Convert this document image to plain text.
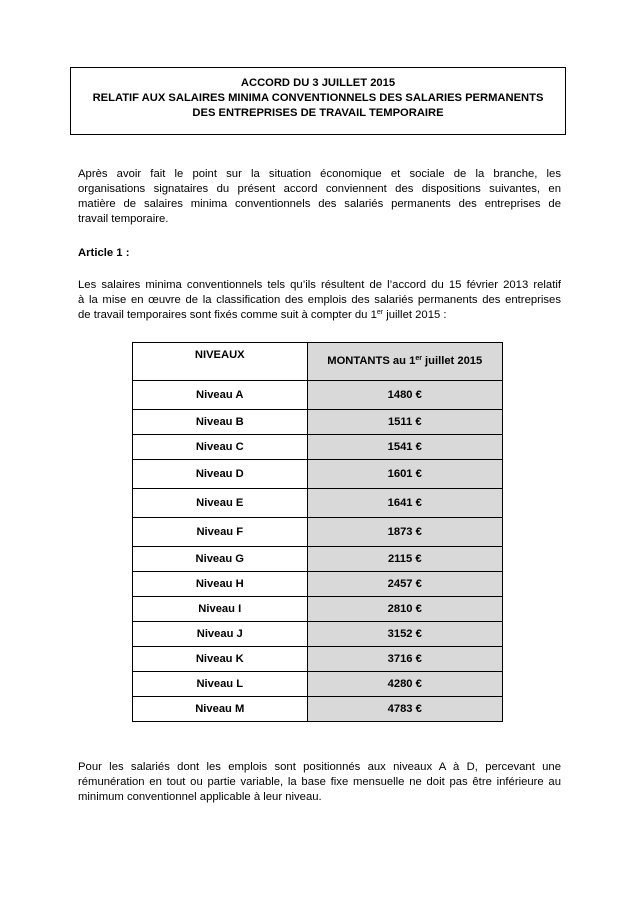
ACCORD DU 3 JUILLET 2015
RELATIF AUX SALAIRES MINIMA CONVENTIONNELS DES SALARIES PERMANENTS
DES ENTREPRISES DE TRAVAIL TEMPORAIRE
Après avoir fait le point sur la situation économique et sociale de la branche, les
organisations signataires du présent accord conviennent des dispositions suivantes, en
matière de salaires minima conventionnels des salariés permanents des entreprises de
travail temporaire.
Article 1 :
Les salaires minima conventionnels tels qu’ils résultent de l’accord du 15 février 2013 relatif
à la mise en œuvre de la classification des emplois des salariés permanents des entreprises
de travail temporaires sont fixés comme suit à compter du 1er juillet 2015 :
NIVEAUX	MONTANTS au 1er juillet 2015
Niveau A	1480 €
Niveau B	1511 €
Niveau C	1541 €
Niveau D	1601 €
Niveau E	1641 €
Niveau F	1873 €
Niveau G	2115 €
Niveau H	2457 €
Niveau I	2810 €
Niveau J	3152 €
Niveau K	3716 €
Niveau L	4280 €
Niveau M	4783 €
Pour les salariés dont les emplois sont positionnés aux niveaux A à D, percevant une
rémunération en tout ou partie variable, la base fixe mensuelle ne doit pas être inférieure au
minimum conventionnel applicable à leur niveau.
